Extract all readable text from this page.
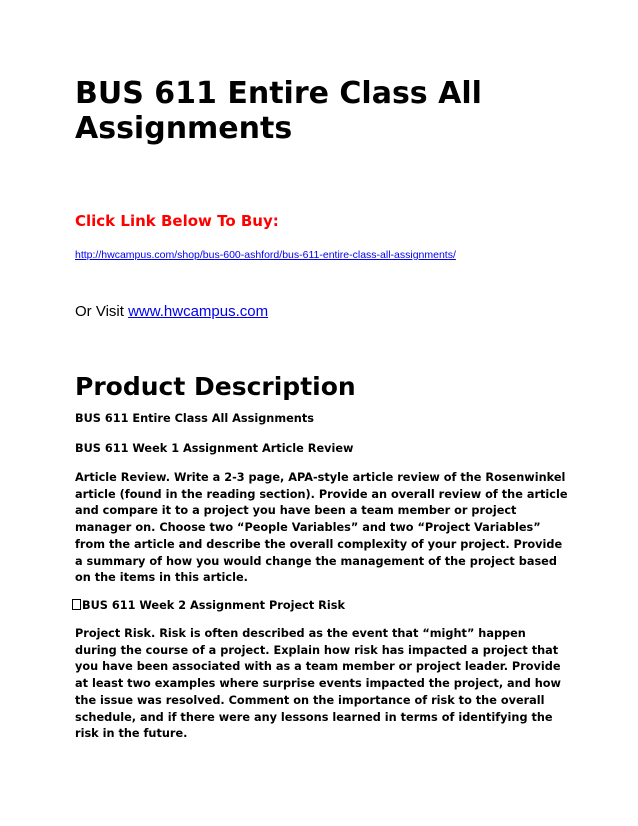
BUS 611 Entire Class All Assignments

Click Link Below To Buy:

http://hwcampus.com/shop/bus-600-ashford/bus-611-entire-class-all-assignments/

Or Visit www.hwcampus.com

Product Description

BUS 611 Entire Class All Assignments

BUS 611 Week 1 Assignment Article Review

Article Review. Write a 2-3 page, APA-style article review of the Rosenwinkel article (found in the reading section). Provide an overall review of the article and compare it to a project you have been a team member or project manager on. Choose two “People Variables” and two “Project Variables” from the article and describe the overall complexity of your project. Provide a summary of how you would change the management of the project based on the items in this article.

BUS 611 Week 2 Assignment Project Risk

Project Risk. Risk is often described as the event that “might” happen during the course of a project. Explain how risk has impacted a project that you have been associated with as a team member or project leader. Provide at least two examples where surprise events impacted the project, and how the issue was resolved. Comment on the importance of risk to the overall schedule, and if there were any lessons learned in terms of identifying the risk in the future.
